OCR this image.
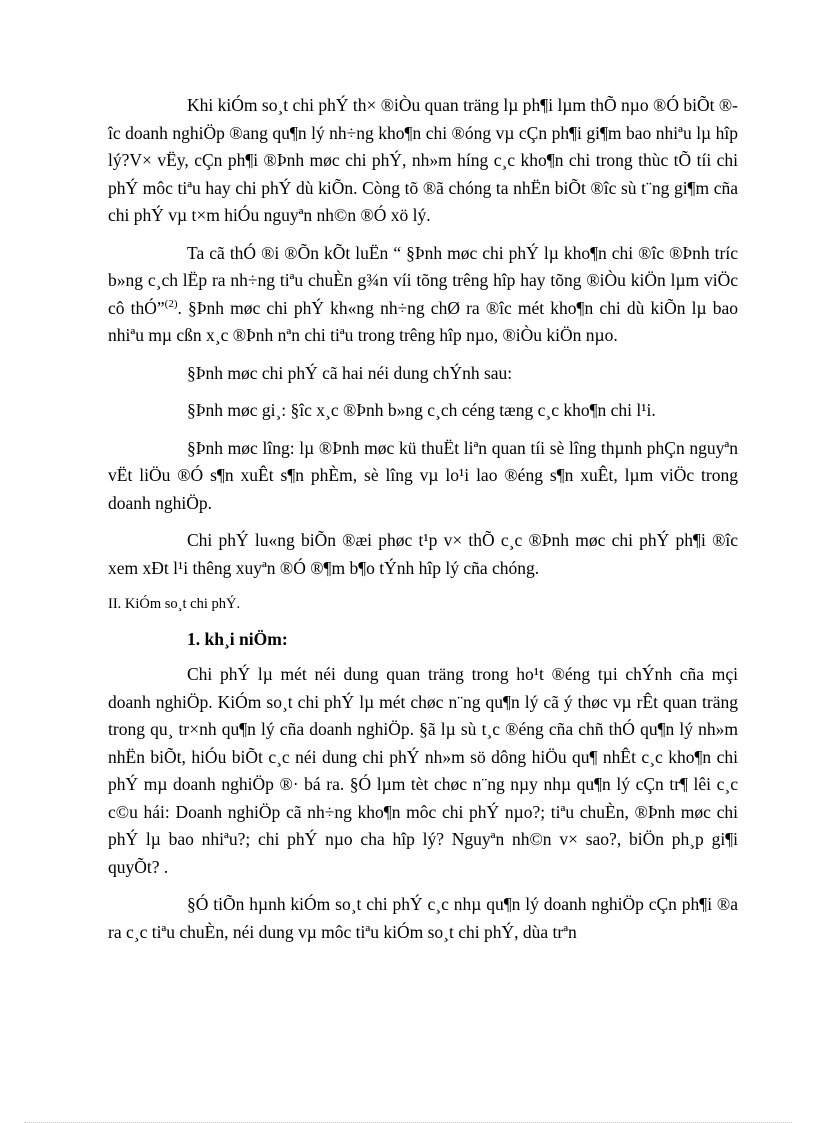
Khi kiÓm so¸t chi phÝ th× ®iÒu quan träng lµ ph¶i lµm thÕ nµo ®Ó biÕt ®îc doanh nghiÖp ®ang qu¶n lý nh÷ng kho¶n chi ®óng vµ cÇn ph¶i gi¶m bao nhiªu lµ hîp lý?V× vËy, cÇn ph¶i ®Þnh møc chi phÝ, nh»m híng c¸c kho¶n chi trong thùc tÕ tíi chi phÝ môc tiªu hay chi phÝ dù kiÕn. Còng tõ ®ã chóng ta nhËn biÕt ®îc sù t¨ng gi¶m cña chi phÝ vµ t×m hiÓu nguyªn nh©n ®Ó xö lý.

Ta cã thÓ ®i ®Õn kÕt luËn “ §Þnh møc chi phÝ lµ kho¶n chi ®îc ®Þnh tríc b»ng c¸ch lËp ra nh÷ng tiªu chuÈn g¾n víi tõng trêng hîp hay tõng ®iÒu kiÖn lµm viÖc cô thÓ”$^{(2)}$. §Þnh møc chi phÝ kh«ng nh÷ng chØ ra ®îc mét kho¶n chi dù kiÕn lµ bao nhiªu mµ cßn x¸c ®Þnh nªn chi tiªu trong trêng hîp nµo, ®iÒu kiÖn nµo.

§Þnh møc chi phÝ cã hai néi dung chÝnh sau:

§Þnh møc gi¸: §îc x¸c ®Þnh b»ng c¸ch céng tæng c¸c kho¶n chi l¹i.

§Þnh møc lîng: lµ ®Þnh møc kü thuËt liªn quan tíi sè lîng thµnh phÇn nguyªn vËt liÖu ®Ó s¶n xuÊt s¶n phÈm, sè lîng vµ lo¹i lao ®éng s¶n xuÊt, lµm viÖc trong doanh nghiÖp.

Chi phÝ lu«ng biÕn ®æi phøc t¹p v× thÕ c¸c ®Þnh møc chi phÝ ph¶i ®îc xem xÐt l¹i thêng xuyªn ®Ó ®¶m b¶o tÝnh hîp lý cña chóng.

II. KiÓm so¸t chi phÝ.

1. kh¸i niÖm:

Chi phÝ lµ mét néi dung quan träng trong ho¹t ®éng tµi chÝnh cña mçi doanh nghiÖp. KiÓm so¸t chi phÝ lµ mét chøc n¨ng qu¶n lý cã ý thøc vµ rÊt quan träng trong qu¸ tr×nh qu¶n lý cña doanh nghiÖp. §ã lµ sù t¸c ®éng cña chñ thÓ qu¶n lý nh»m nhËn biÕt, hiÓu biÕt c¸c néi dung chi phÝ nh»m sö dông hiÖu qu¶ nhÊt c¸c kho¶n chi phÝ mµ doanh nghiÖp ®· bá ra. §Ó lµm tèt chøc n¨ng nµy nhµ qu¶n lý cÇn tr¶ lêi c¸c c©u hái: Doanh nghiÖp cã nh÷ng kho¶n môc chi phÝ nµo?; tiªu chuÈn, ®Þnh møc chi phÝ lµ bao nhiªu?; chi phÝ nµo cha hîp lý? Nguyªn nh©n v× sao?, biÖn ph¸p gi¶i quyÕt? .

§Ó tiÕn hµnh kiÓm so¸t chi phÝ c¸c nhµ qu¶n lý doanh nghiÖp cÇn ph¶i ®a ra c¸c tiªu chuÈn, néi dung vµ môc tiªu kiÓm so¸t chi phÝ, dùa trªn
